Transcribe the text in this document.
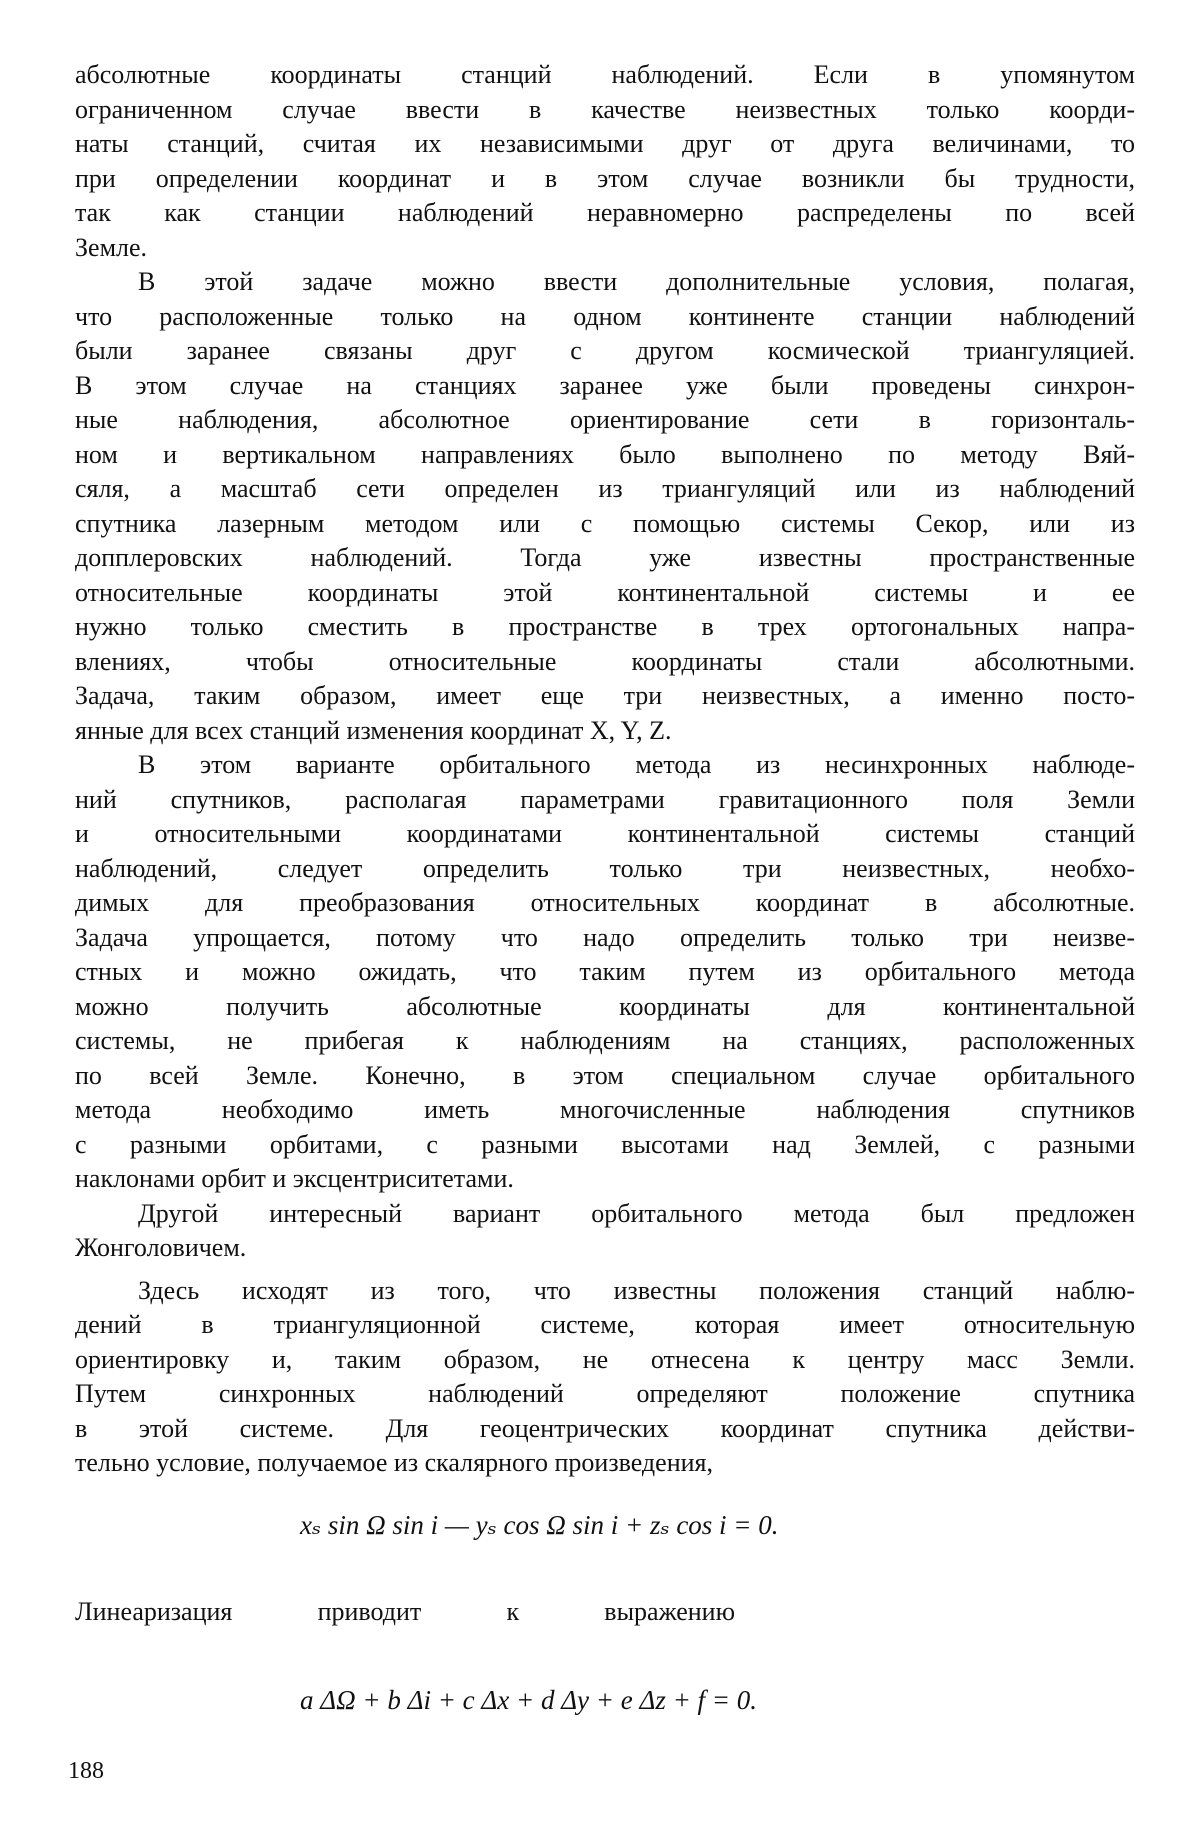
абсолютные координаты станций наблюдений. Если в упомянутом
ограниченном случае ввести в качестве неизвестных только коорди-
наты станций, считая их независимыми друг от друга величинами, то
при определении координат и в этом случае возникли бы трудности,
так как станции наблюдений неравномерно распределены по всей
Земле.
В этой задаче можно ввести дополнительные условия, полагая,
что расположенные только на одном континенте станции наблюдений
были заранее связаны друг с другом космической триангуляцией.
В этом случае на станциях заранее уже были проведены синхрон-
ные наблюдения, абсолютное ориентирование сети в горизонталь-
ном и вертикальном направлениях было выполнено по методу Вяй-
сяля, а масштаб сети определен из триангуляций или из наблюдений
спутника лазерным методом или с помощью системы Секор, или из
допплеровских наблюдений. Тогда уже известны пространственные
относительные координаты этой континентальной системы и ее
нужно только сместить в пространстве в трех ортогональных напра-
влениях, чтобы относительные координаты стали абсолютными.
Задача, таким образом, имеет еще три неизвестных, а именно посто-
янные для всех станций изменения координат X, Y, Z.
В этом варианте орбитального метода из несинхронных наблюде-
ний спутников, располагая параметрами гравитационного поля Земли
и относительными координатами континентальной системы станций
наблюдений, следует определить только три неизвестных, необхо-
димых для преобразования относительных координат в абсолютные.
Задача упрощается, потому что надо определить только три неизве-
стных и можно ожидать, что таким путем из орбитального метода
можно получить абсолютные координаты для континентальной
системы, не прибегая к наблюдениям на станциях, расположенных
по всей Земле. Конечно, в этом специальном случае орбитального
метода необходимо иметь многочисленные наблюдения спутников
с разными орбитами, с разными высотами над Землей, с разными
наклонами орбит и эксцентриситетами.
Другой интересный вариант орбитального метода был предложен
Жонголовичем.
Здесь исходят из того, что известны положения станций наблю-
дений в триангуляционной системе, которая имеет относительную
ориентировку и, таким образом, не отнесена к центру масс Земли.
Путем синхронных наблюдений определяют положение спутника
в этой системе. Для геоцентрических координат спутника действи-
тельно условие, получаемое из скалярного произведения,
xₛ sin Ω sin i — yₛ cos Ω sin i + zₛ cos i = 0.
Линеаризация приводит к выражению
a ΔΩ + b Δi + c Δx + d Δy + e Δz + f = 0.
188
